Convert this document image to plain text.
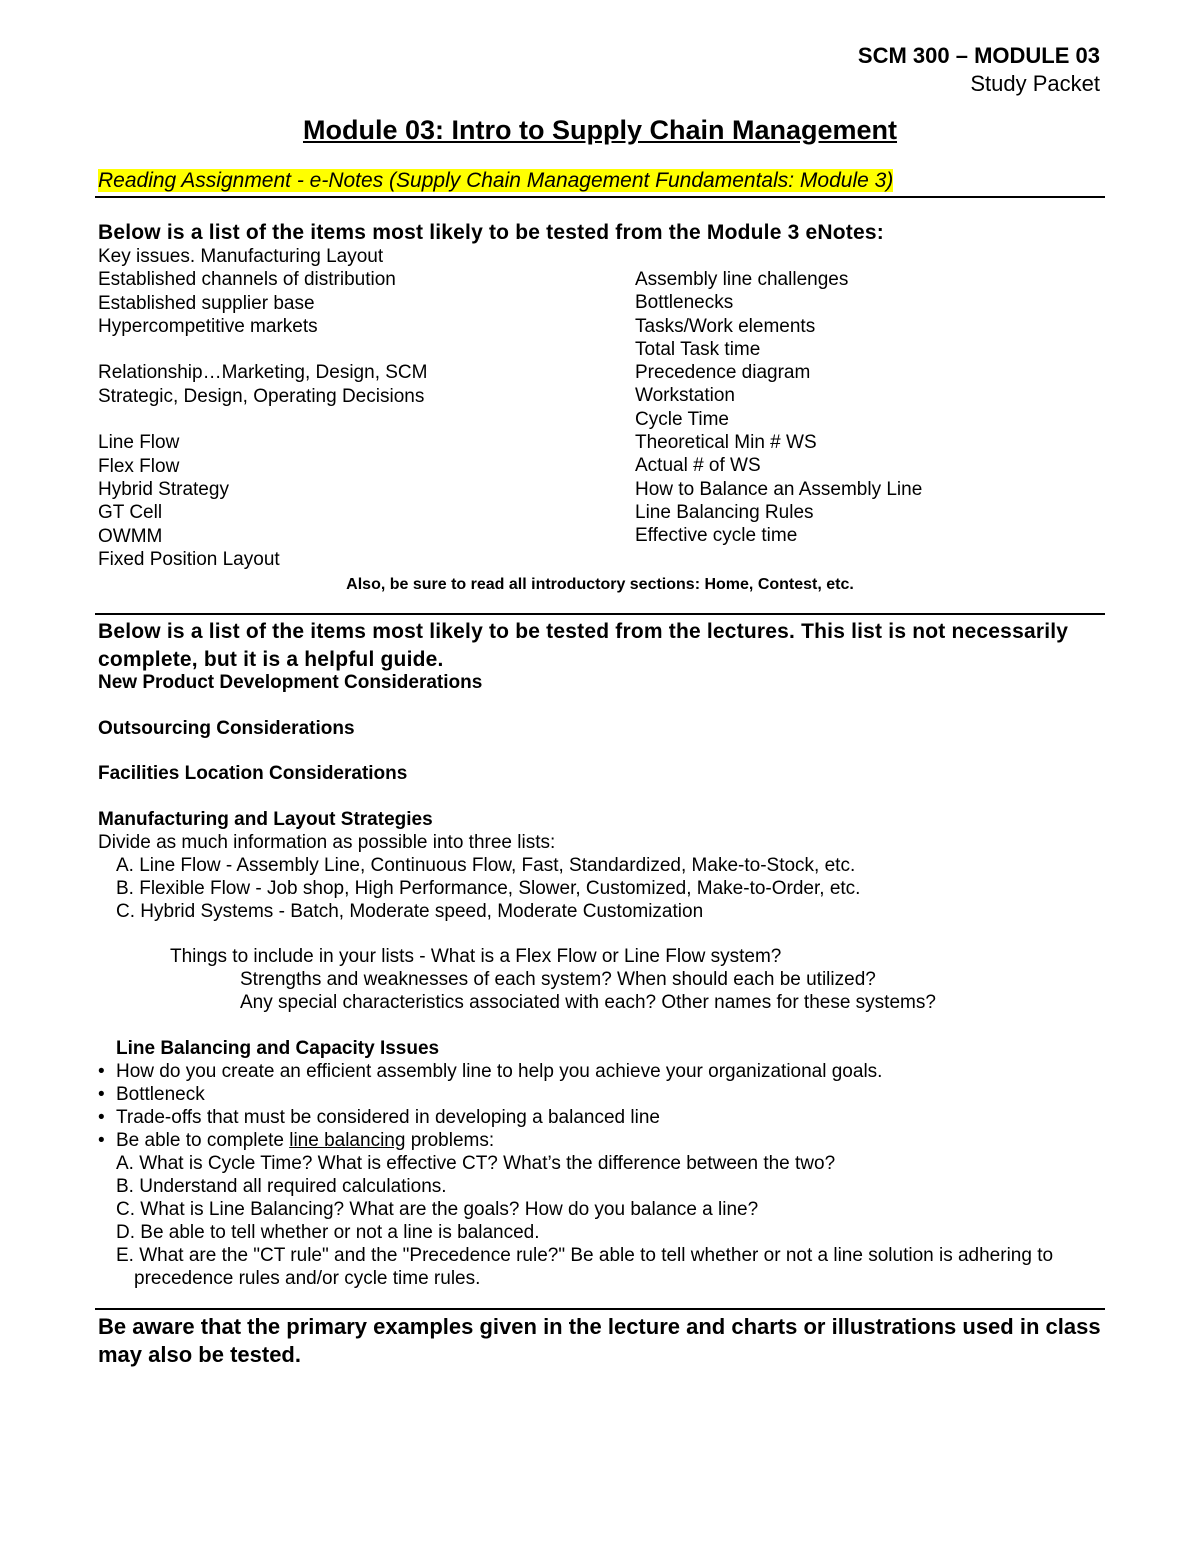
SCM 300 – MODULE 03
Study Packet
Module 03: Intro to Supply Chain Management
Reading Assignment - e-Notes (Supply Chain Management Fundamentals: Module 3)
Below is a list of the items most likely to be tested from the Module 3 eNotes:
Key issues. Manufacturing Layout
Established channels of distribution
Established supplier base
Hypercompetitive markets
Relationship…Marketing, Design, SCM
Strategic, Design, Operating Decisions
Line Flow
Flex Flow
Hybrid Strategy
GT Cell
OWMM
Fixed Position Layout
Assembly line challenges
Bottlenecks
Tasks/Work elements
Total Task time
Precedence diagram
Workstation
Cycle Time
Theoretical Min # WS
Actual # of WS
How to Balance an Assembly Line
Line Balancing Rules
Effective cycle time
Also, be sure to read all introductory sections: Home, Contest, etc.
Below is a list of the items most likely to be tested from the lectures. This list is not necessarily complete, but it is a helpful guide.
New Product Development Considerations
Outsourcing Considerations
Facilities Location Considerations
Manufacturing and Layout Strategies
Divide as much information as possible into three lists:
A. Line Flow - Assembly Line, Continuous Flow, Fast, Standardized, Make-to-Stock, etc.
B. Flexible Flow - Job shop, High Performance, Slower, Customized, Make-to-Order, etc.
C. Hybrid Systems - Batch, Moderate speed, Moderate Customization
Things to include in your lists - What is a Flex Flow or Line Flow system?
Strengths and weaknesses of each system? When should each be utilized?
Any special characteristics associated with each? Other names for these systems?
Line Balancing and Capacity Issues
• How do you create an efficient assembly line to help you achieve your organizational goals.
• Bottleneck
• Trade-offs that must be considered in developing a balanced line
• Be able to complete line balancing problems:
A. What is Cycle Time? What is effective CT? What’s the difference between the two?
B. Understand all required calculations.
C. What is Line Balancing? What are the goals? How do you balance a line?
D. Be able to tell whether or not a line is balanced.
E. What are the "CT rule" and the "Precedence rule?" Be able to tell whether or not a line solution is adhering to
precedence rules and/or cycle time rules.
Be aware that the primary examples given in the lecture and charts or illustrations used in class may also be tested.
